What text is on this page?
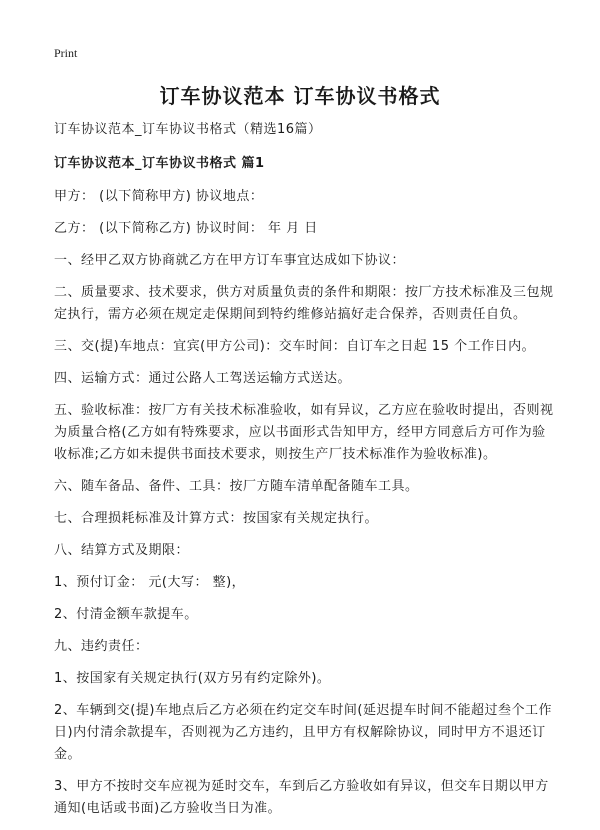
Print
订车协议范本 订车协议书格式

订车协议范本_订车协议书格式（精选16篇）

订车协议范本_订车协议书格式 篇1

甲方： (以下简称甲方) 协议地点：

乙方： (以下简称乙方) 协议时间： 年 月 日

一、经甲乙双方协商就乙方在甲方订车事宜达成如下协议：

二、质量要求、技术要求，供方对质量负责的条件和期限：按厂方技术标准及三包规定执行，需方必须在规定走保期间到特约维修站搞好走合保养，否则责任自负。

三、交(提)车地点：宜宾(甲方公司)：交车时间：自订车之日起 15 个工作日内。

四、运输方式：通过公路人工驾送运输方式送达。

五、验收标准：按厂方有关技术标准验收，如有异议，乙方应在验收时提出，否则视为质量合格(乙方如有特殊要求，应以书面形式告知甲方，经甲方同意后方可作为验收标准;乙方如未提供书面技术要求，则按生产厂技术标准作为验收标准)。

六、随车备品、备件、工具：按厂方随车清单配备随车工具。

七、合理损耗标准及计算方式：按国家有关规定执行。

八、结算方式及期限：

1、预付订金： 元(大写： 整)，

2、付清金额车款提车。

九、违约责任：

1、按国家有关规定执行(双方另有约定除外)。

2、车辆到交(提)车地点后乙方必须在约定交车时间(延迟提车时间不能超过叁个工作日)内付清余款提车，否则视为乙方违约，且甲方有权解除协议，同时甲方不退还订金。

3、甲方不按时交车应视为延时交车，车到后乙方验收如有异议，但交车日期以甲方通知(电话或书面)乙方验收当日为准。
